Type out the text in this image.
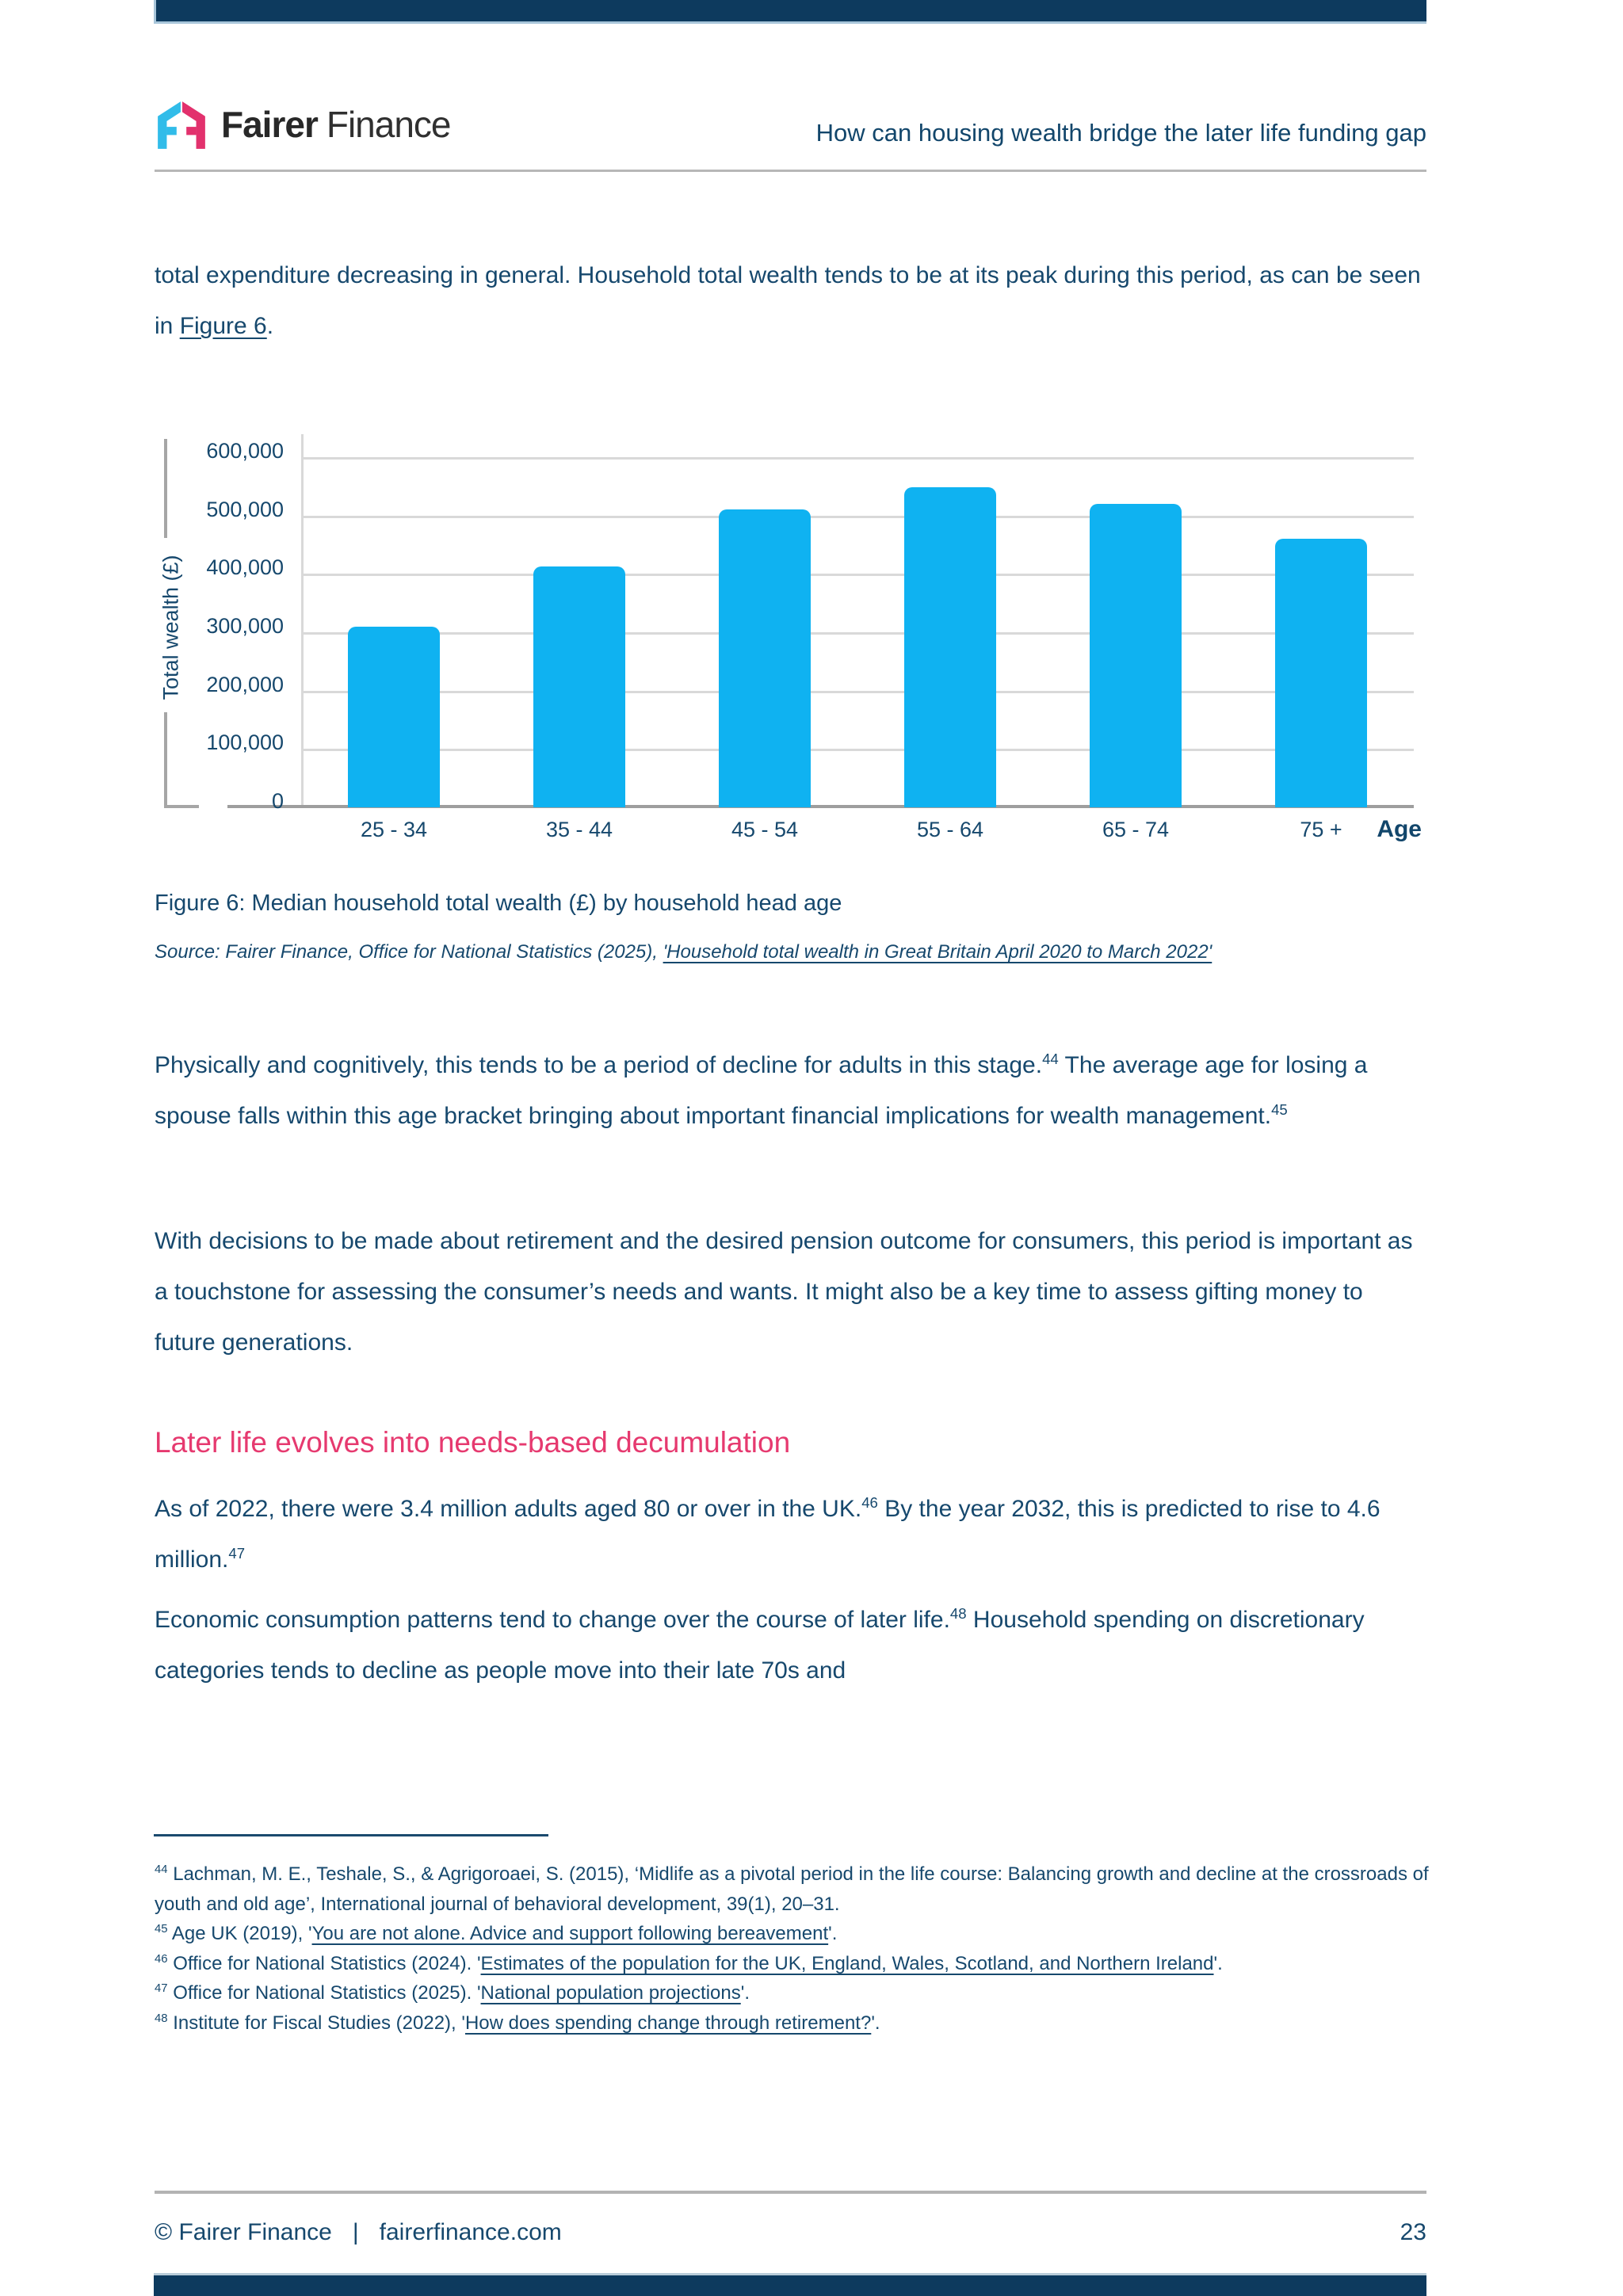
Fairer Finance	How can housing wealth bridge the later life funding gap

total expenditure decreasing in general. Household total wealth tends to be at its peak during this period, as can be seen in Figure 6.

Total wealth (£)
Age
600,000
500,000
400,000
300,000
200,000
100,000
0
25 - 34	35 - 44	45 - 54	55 - 64	65 - 74	75 +

Figure 6: Median household total wealth (£) by household head age

Source: Fairer Finance, Office for National Statistics (2025), 'Household total wealth in Great Britain April 2020 to March 2022'

Physically and cognitively, this tends to be a period of decline for adults in this stage.$^{44}$ The average age for losing a spouse falls within this age bracket bringing about important financial implications for wealth management.$^{45}$

With decisions to be made about retirement and the desired pension outcome for consumers, this period is important as a touchstone for assessing the consumer’s needs and wants. It might also be a key time to assess gifting money to future generations.

Later life evolves into needs-based decumulation

As of 2022, there were 3.4 million adults aged 80 or over in the UK.$^{46}$ By the year 2032, this is predicted to rise to 4.6 million.$^{47}$

Economic consumption patterns tend to change over the course of later life.$^{48}$ Household spending on discretionary categories tends to decline as people move into their late 70s and

$^{44}$ Lachman, M. E., Teshale, S., & Agrigoroaei, S. (2015), ‘Midlife as a pivotal period in the life course: Balancing growth and decline at the crossroads of youth and old age’, International journal of behavioral development, 39(1), 20–31.
$^{45}$ Age UK (2019), 'You are not alone. Advice and support following bereavement'.
$^{46}$ Office for National Statistics (2024). 'Estimates of the population for the UK, England, Wales, Scotland, and Northern Ireland'.
$^{47}$ Office for National Statistics (2025). 'National population projections'.
$^{48}$ Institute for Fiscal Studies (2022), 'How does spending change through retirement?'.
© Fairer Finance | fairerfinance.com	23
